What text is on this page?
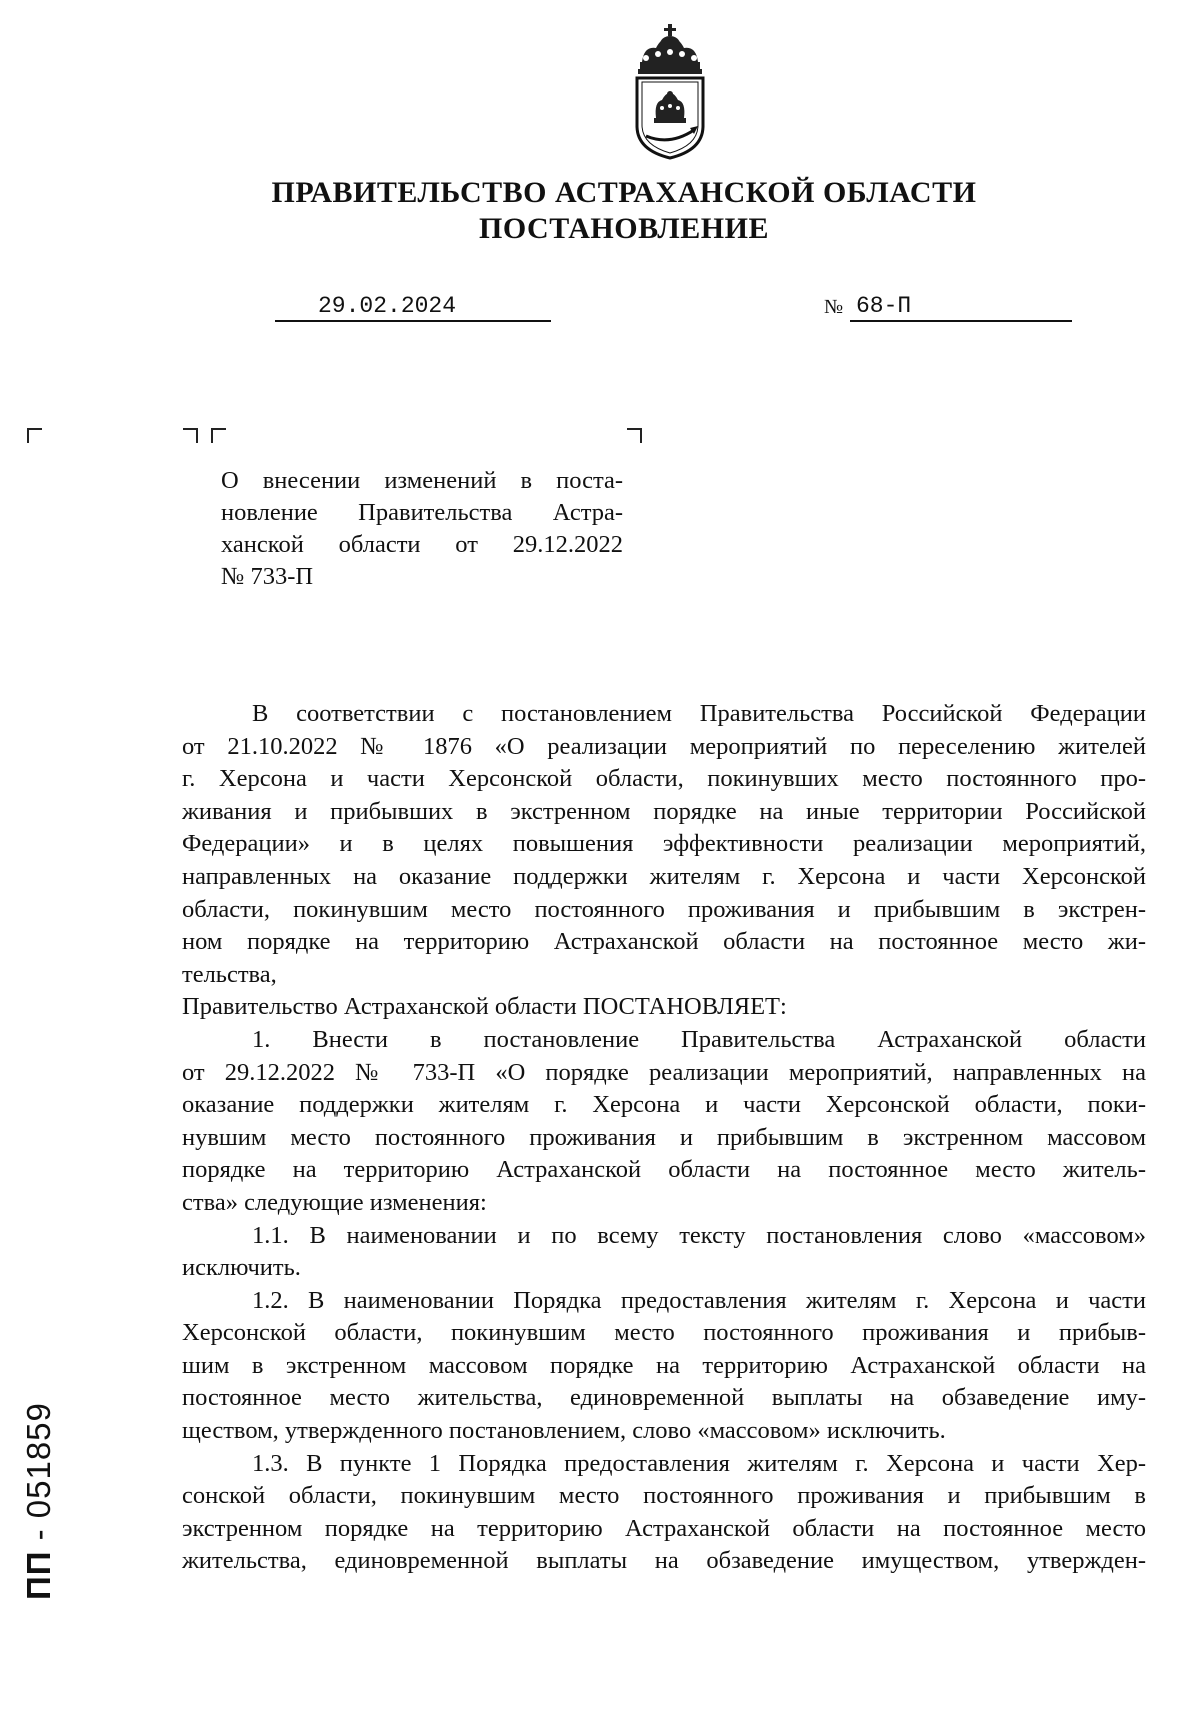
ПРАВИТЕЛЬСТВО АСТРАХАНСКОЙ ОБЛАСТИ
ПОСТАНОВЛЕНИЕ
29.02.2024	№ 68-П
О внесении изменений в поста-
новление Правительства Астра-
ханской области от 29.12.2022
№ 733-П
В соответствии с постановлением Правительства Российской Федерации
от 21.10.2022 № 1876 «О реализации мероприятий по переселению жителей
г. Херсона и части Херсонской области, покинувших место постоянного про-
живания и прибывших в экстренном порядке на иные территории Российской
Федерации» и в целях повышения эффективности реализации мероприятий,
направленных на оказание поддержки жителям г. Херсона и части Херсонской
области, покинувшим место постоянного проживания и прибывшим в экстрен-
ном порядке на территорию Астраханской области на постоянное место жи-
тельства,
Правительство Астраханской области ПОСТАНОВЛЯЕТ:
1. Внести в постановление Правительства Астраханской области
от 29.12.2022 № 733-П «О порядке реализации мероприятий, направленных на
оказание поддержки жителям г. Херсона и части Херсонской области, поки-
нувшим место постоянного проживания и прибывшим в экстренном массовом
порядке на территорию Астраханской области на постоянное место житель-
ства» следующие изменения:
1.1. В наименовании и по всему тексту постановления слово «массовом»
исключить.
1.2. В наименовании Порядка предоставления жителям г. Херсона и части
Херсонской области, покинувшим место постоянного проживания и прибыв-
шим в экстренном массовом порядке на территорию Астраханской области на
постоянное место жительства, единовременной выплаты на обзаведение иму-
ществом, утвержденного постановлением, слово «массовом» исключить.
1.3. В пункте 1 Порядка предоставления жителям г. Херсона и части Хер-
сонской области, покинувшим место постоянного проживания и прибывшим в
экстренном порядке на территорию Астраханской области на постоянное место
жительства, единовременной выплаты на обзаведение имуществом, утвержден-
ПП - 051859
